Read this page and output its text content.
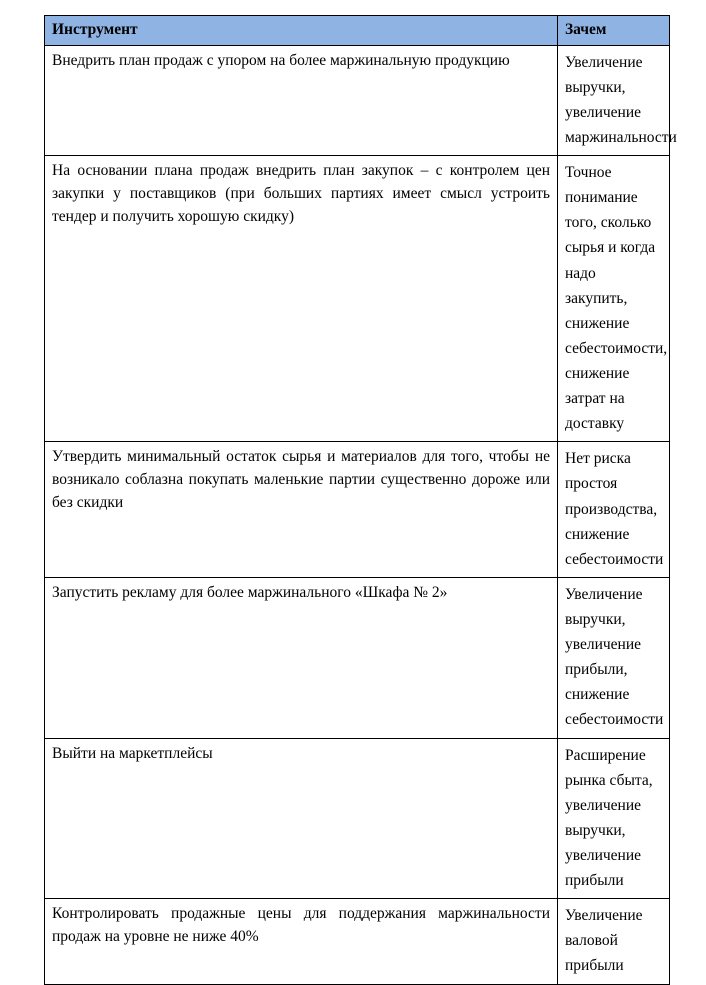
Инструмент	Зачем
Внедрить план продаж с упором на более маржинальную продукцию	Увеличение выручки,
увеличение маржинальности

На основании плана продаж внедрить план закупок – с контролем цен закупки у поставщиков (при больших партиях имеет смысл устроить тендер и получить хорошую скидку)	Точное понимание того, сколько сырья и когда надо закупить,
снижение себестоимости,
снижение затрат на доставку

Утвердить минимальный остаток сырья и материалов для того, чтобы не возникало соблазна покупать маленькие партии существенно дороже или без скидки	Нет риска простоя производства,
снижение себестоимости

Запустить рекламу для более маржинального «Шкафа № 2»	Увеличение выручки,
увеличение прибыли,
снижение себестоимости

Выйти на маркетплейсы	Расширение рынка сбыта,
увеличение выручки,
увеличение прибыли

Контролировать продажные цены для поддержания маржинальности продаж на уровне не ниже 40%	Увеличение валовой прибыли
